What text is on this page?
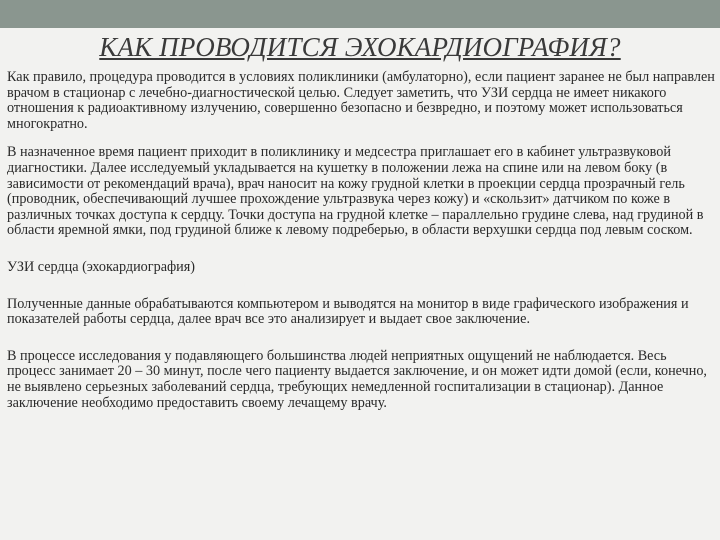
КАК ПРОВОДИТСЯ ЭХОКАРДИОГРАФИЯ?

Как правило, процедура проводится в условиях поликлиники (амбулаторно), если пациент заранее не был направлен врачом в стационар с лечебно-диагностической целью. Следует заметить, что УЗИ сердца не имеет никакого отношения к радиоактивному излучению, совершенно безопасно и безвредно, и поэтому может использоваться многократно.

В назначенное время пациент приходит в поликлинику и медсестра приглашает его в кабинет ультразвуковой диагностики. Далее исследуемый укладывается на кушетку в положении лежа на спине или на левом боку (в зависимости от рекомендаций врача), врач наносит на кожу грудной клетки в проекции сердца прозрачный гель (проводник, обеспечивающий лучшее прохождение ультразвука через кожу) и «скользит» датчиком по коже в различных точках доступа к сердцу. Точки доступа на грудной клетке – параллельно грудине слева, над грудиной в области яремной ямки, под грудиной ближе к левому подреберью, в области верхушки сердца под левым соском.

УЗИ сердца (эхокардиография)

Полученные данные обрабатываются компьютером и выводятся на монитор в виде графического изображения и показателей работы сердца, далее врач все это анализирует и выдает свое заключение.

В процессе исследования у подавляющего большинства людей неприятных ощущений не наблюдается. Весь процесс занимает 20 – 30 минут, после чего пациенту выдается заключение, и он может идти домой (если, конечно, не выявлено серьезных заболеваний сердца, требующих немедленной госпитализации в стационар). Данное заключение необходимо предоставить своему лечащему врачу.
